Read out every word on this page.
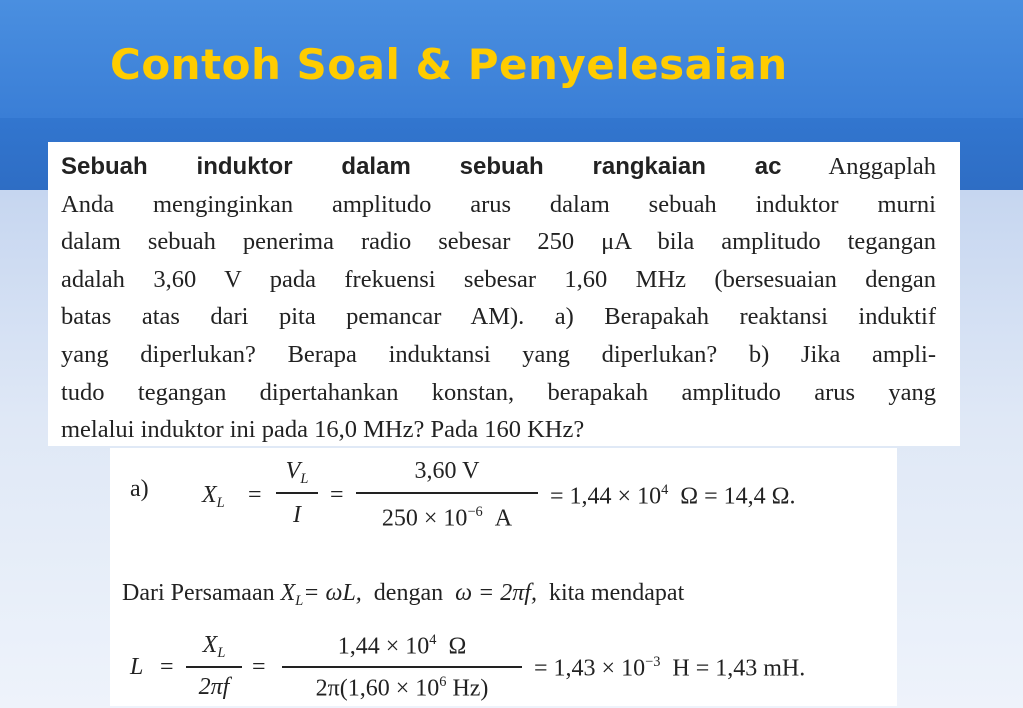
Contoh Soal & Penyelesaian
Sebuah induktor dalam sebuah rangkaian ac Anggaplah
Anda menginginkan amplitudo arus dalam sebuah induktor murni
dalam sebuah penerima radio sebesar 250 μA bila amplitudo tegangan
adalah 3,60 V pada frekuensi sebesar 1,60 MHz (bersesuaian dengan
batas atas dari pita pemancar AM). a) Berapakah reaktansi induktif
yang diperlukan? Berapa induktansi yang diperlukan? b) Jika ampli-
tudo tegangan dipertahankan konstan, berapakah amplitudo arus yang
melalui induktor ini pada 16,0 MHz? Pada 160 KHz?
a) $X_L$ =
$V_L$
I
=
3,60 V
$250 \times 10^{-6}$ A
= $1,44 \times 10^4$ Ω = 14,4 Ω.
Dari Persamaan $X_L= \omega L$, dengan ω = 2πf, kita mendapat
L =
$X_L$
2πf
=
$1,44 \times 10^4$ Ω
$2\pi(1,60 \times 10^6$ Hz)
= $1,43 \times 10^{-3}$ H = 1,43 mH.
